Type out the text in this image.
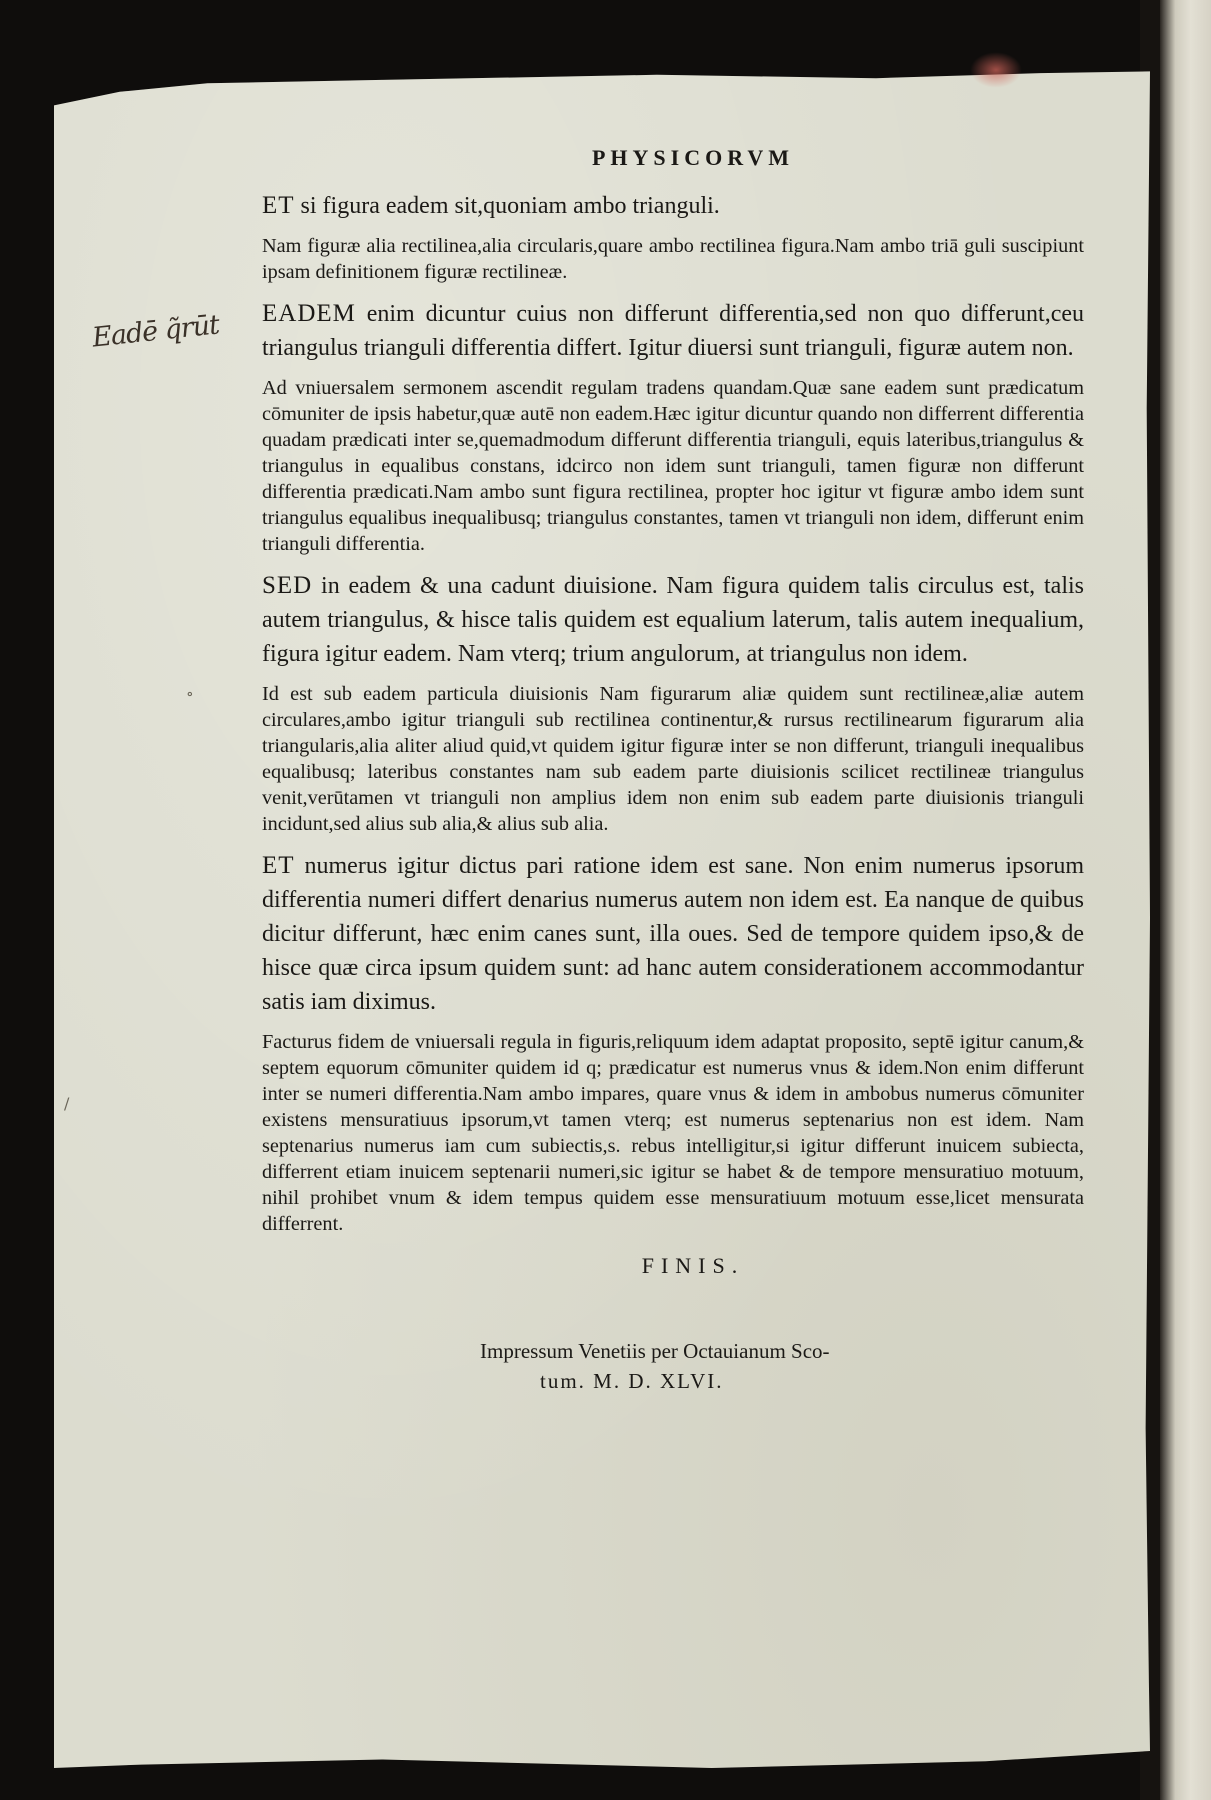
Eadē q̃rūt
∘
/
PHYSICORVM

ET si figura eadem sit,quoniam ambo trianguli.

Nam figuræ alia rectilinea,alia circularis,quare ambo rectilinea figura.Nam ambo triā guli suscipiunt ipsam definitionem figuræ rectilineæ.

EADEM enim dicuntur cuius non differunt differentia,sed non quo differunt,ceu triangulus trianguli differentia differt. Igitur diuersi sunt trianguli, figuræ autem non.

Ad vniuersalem sermonem ascendit regulam tradens quandam.Quæ sane eadem sunt prædicatum cōmuniter de ipsis habetur,quæ autē non eadem.Hæc igitur dicuntur quando non differrent differentia quadam prædicati inter se,quemadmodum differunt differentia trianguli, equis lateribus,triangulus & triangulus in equalibus constans, idcirco non idem sunt trianguli, tamen figuræ non differunt differentia prædicati.Nam ambo sunt figura rectilinea, propter hoc igitur vt figuræ ambo idem sunt triangulus equalibus inequalibusq; triangulus constantes, tamen vt trianguli non idem, differunt enim trianguli differentia.

SED in eadem & una cadunt diuisione. Nam figura quidem talis circulus est, talis autem triangulus, & hisce talis quidem est equalium laterum, talis autem inequalium, figura igitur eadem. Nam vterq; trium angulorum, at triangulus non idem.

Id est sub eadem particula diuisionis Nam figurarum aliæ quidem sunt rectilineæ,aliæ autem circulares,ambo igitur trianguli sub rectilinea continentur,& rursus rectilinearum figurarum alia triangularis,alia aliter aliud quid,vt quidem igitur figuræ inter se non differunt, trianguli inequalibus equalibusq; lateribus constantes nam sub eadem parte diuisionis scilicet rectilineæ triangulus venit,verūtamen vt trianguli non amplius idem non enim sub eadem parte diuisionis trianguli incidunt,sed alius sub alia,& alius sub alia.

ET numerus igitur dictus pari ratione idem est sane. Non enim numerus ipsorum differentia numeri differt denarius numerus autem non idem est. Ea nanque de quibus dicitur differunt, hæc enim canes sunt, illa oues. Sed de tempore quidem ipso,& de hisce quæ circa ipsum quidem sunt: ad hanc autem considerationem accommodantur satis iam diximus.

Facturus fidem de vniuersali regula in figuris,reliquum idem adaptat proposito, septē igitur canum,& septem equorum cōmuniter quidem id q; prædicatur est numerus vnus & idem.Non enim differunt inter se numeri differentia.Nam ambo impares, quare vnus & idem in ambobus numerus cōmuniter existens mensuratiuus ipsorum,vt tamen vterq; est numerus septenarius non est idem. Nam septenarius numerus iam cum subiectis,s. rebus intelligitur,si igitur differunt inuicem subiecta, differrent etiam inuicem septenarii numeri,sic igitur se habet & de tempore mensuratiuo motuum, nihil prohibet vnum & idem tempus quidem esse mensuratiuum motuum esse,licet mensurata differrent.

FINIS.
Impressum Venetiis per Octauianum Sco-
tum. M. D. XLVI.
